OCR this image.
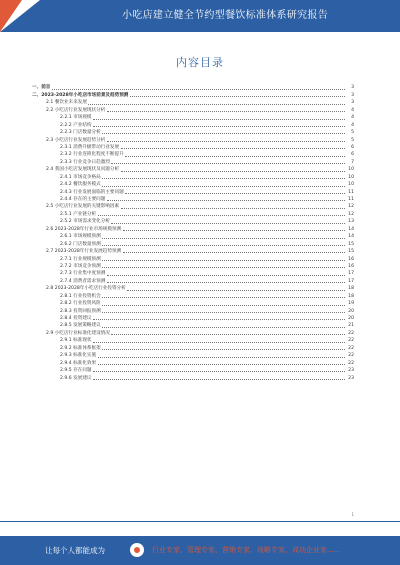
小吃店建立健全节约型餐饮标准体系研究报告
内容目录
一、前言	3
二、2023-2028年小吃店市场前景及趋势预测	3
2.1 餐饮业未来发展	3
2.2 小吃店行业发展现状分析	4
2.2.1 市场规模	4
2.2.2 产业结构	4
2.2.3 门店数量分析	5
2.3 小吃店行业发展趋势分析	5
2.3.1 消费升级带动行业发展	6
2.3.2 行业连锁化程度不断提升	6
2.3.3 行业竞争日趋激烈	7
2.4 我国小吃店发展现状及问题分析	10
2.4.1 市场竞争格局	10
2.4.2 餐饮服务模式	10
2.4.3 行业发展面临的主要问题	11
2.4.4 存在的主要问题	11
2.5 小吃店行业发展的关键影响因素	12
2.5.1 产业链分析	12
2.5.2 市场需求变化分析	13
2.6 2023-2028年行业市场规模预测	14
2.6.1 市场规模预测	14
2.6.2 门店数量预测	15
2.7 2023-2028年行业发展趋势预测	15
2.7.1 行业规模预测	16
2.7.2 市场竞争预测	16
2.7.3 行业集中度预测	17
2.7.4 消费者需求预测	17
2.8 2023-2028年小吃店行业投资分析	18
2.8.1 行业投资机会	18
2.8.2 行业投资风险	19
2.8.3 投资回报预测	20
2.8.4 投资建议	20
2.8.5 发展策略建议	21
2.9 小吃店行业标准化建设情况	22
2.9.1 标准现状	22
2.9.2 标准体系框架	22
2.9.3 标准化实施	22
2.9.4 标准化效果	22
2.9.5 存在问题	23
2.9.6 发展建议	23
1
让每个人都能成为	行业专家、管理专家、营销专家、战略专家、成功企业家……
